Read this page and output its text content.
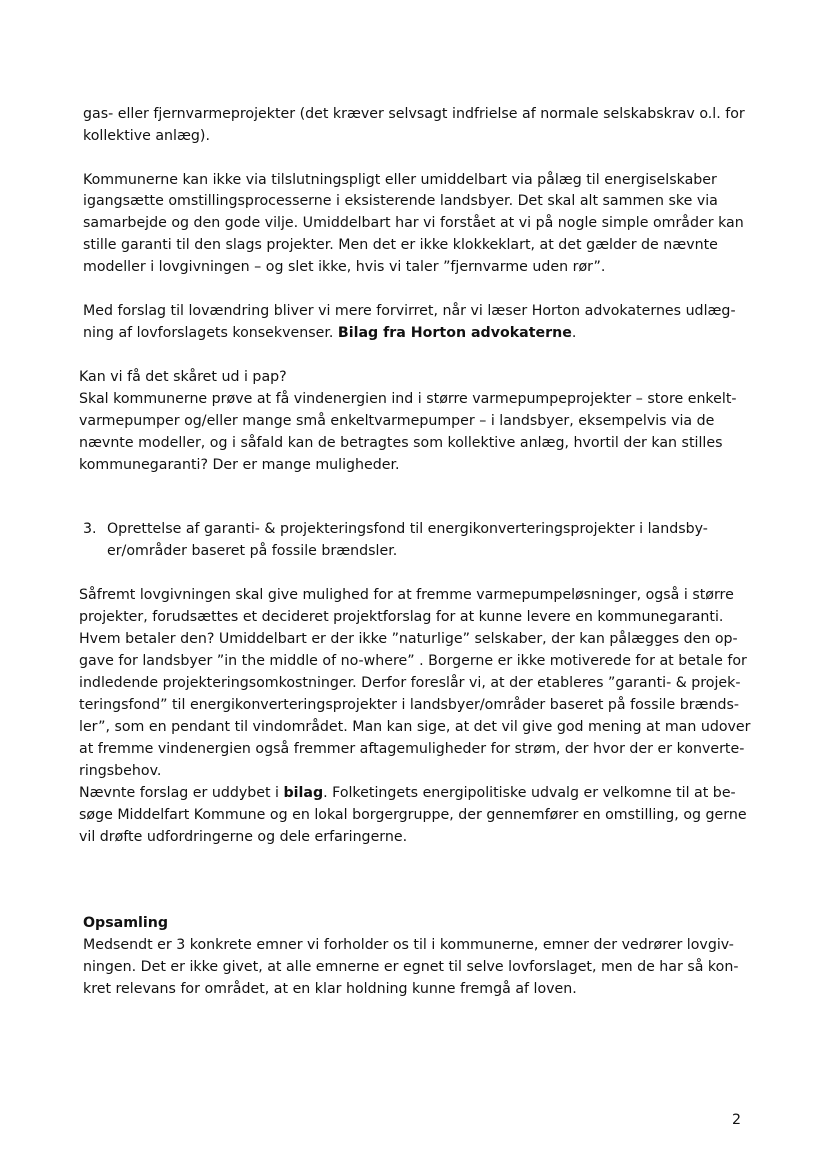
gas- eller fjernvarmeprojekter (det kræver selvsagt indfrielse af normale selskabskrav o.l. for
kollektive anlæg).
Kommunerne kan ikke via tilslutningspligt eller umiddelbart via pålæg til energiselskaber
igangsætte omstillingsprocesserne i eksisterende landsbyer. Det skal alt sammen ske via
samarbejde og den gode vilje. Umiddelbart har vi forstået at vi på nogle simple områder kan
stille garanti til den slags projekter. Men det er ikke klokkeklart, at det gælder de nævnte
modeller i lovgivningen – og slet ikke, hvis vi taler ”fjernvarme uden rør”.
Med forslag til lovændring bliver vi mere forvirret, når vi læser Horton advokaternes udlæg-
ning af lovforslagets konsekvenser. Bilag fra Horton advokaterne.
Kan vi få det skåret ud i pap?
Skal kommunerne prøve at få vindenergien ind i større varmepumpeprojekter – store enkelt-
varmepumper og/eller mange små enkeltvarmepumper – i landsbyer, eksempelvis via de
nævnte modeller, og i såfald kan de betragtes som kollektive anlæg, hvortil der kan stilles
kommunegaranti? Der er mange muligheder.
3. Oprettelse af garanti- & projekteringsfond til energikonverteringsprojekter i landsby-
er/områder baseret på fossile brændsler.
Såfremt lovgivningen skal give mulighed for at fremme varmepumpeløsninger, også i større
projekter, forudsættes et decideret projektforslag for at kunne levere en kommunegaranti.
Hvem betaler den? Umiddelbart er der ikke ”naturlige” selskaber, der kan pålægges den op-
gave for landsbyer ”in the middle of no-where” . Borgerne er ikke motiverede for at betale for
indledende projekteringsomkostninger. Derfor foreslår vi, at der etableres ”garanti- & projek-
teringsfond” til energikonverteringsprojekter i landsbyer/områder baseret på fossile brænds-
ler”, som en pendant til vindområdet. Man kan sige, at det vil give god mening at man udover
at fremme vindenergien også fremmer aftagemuligheder for strøm, der hvor der er konverte-
ringsbehov.
Nævnte forslag er uddybet i bilag. Folketingets energipolitiske udvalg er velkomne til at be-
søge Middelfart Kommune og en lokal borgergruppe, der gennemfører en omstilling, og gerne
vil drøfte udfordringerne og dele erfaringerne.
Opsamling
Medsendt er 3 konkrete emner vi forholder os til i kommunerne, emner der vedrører lovgiv-
ningen. Det er ikke givet, at alle emnerne er egnet til selve lovforslaget, men de har så kon-
kret relevans for området, at en klar holdning kunne fremgå af loven.
2
